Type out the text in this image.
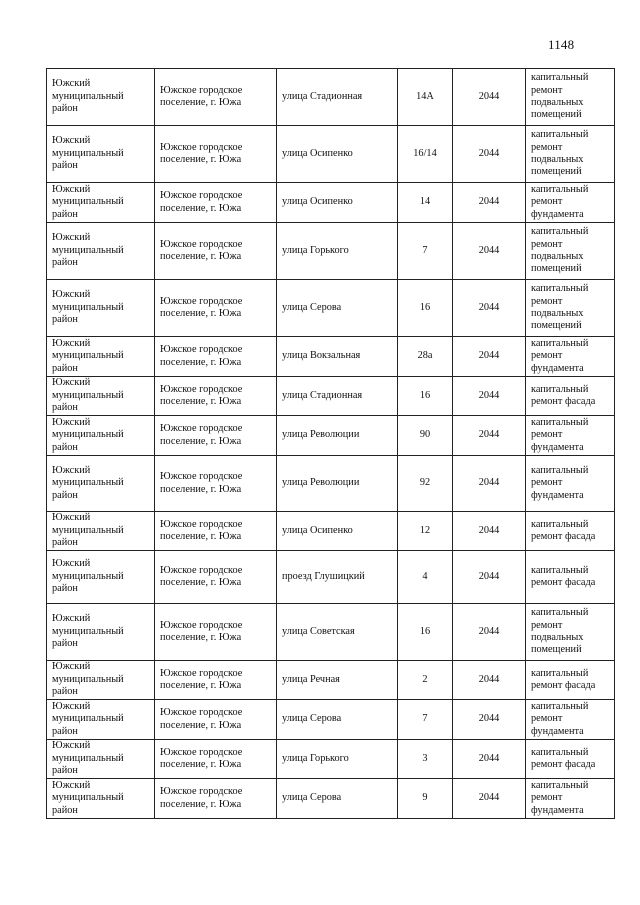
1148
Южский муниципальный район	Южское городское поселение, г. Южа	улица Стадионная	14А	2044	капитальный ремонт подвальных помещений
Южский муниципальный район	Южское городское поселение, г. Южа	улица Осипенко	16/14	2044	капитальный ремонт подвальных помещений
Южский муниципальный район	Южское городское поселение, г. Южа	улица Осипенко	14	2044	капитальный ремонт фундамента
Южский муниципальный район	Южское городское поселение, г. Южа	улица Горького	7	2044	капитальный ремонт подвальных помещений
Южский муниципальный район	Южское городское поселение, г. Южа	улица Серова	16	2044	капитальный ремонт подвальных помещений
Южский муниципальный район	Южское городское поселение, г. Южа	улица Вокзальная	28а	2044	капитальный ремонт фундамента
Южский муниципальный район	Южское городское поселение, г. Южа	улица Стадионная	16	2044	капитальный ремонт фасада
Южский муниципальный район	Южское городское поселение, г. Южа	улица Революции	90	2044	капитальный ремонт фундамента
Южский муниципальный район	Южское городское поселение, г. Южа	улица Революции	92	2044	капитальный ремонт фундамента
Южский муниципальный район	Южское городское поселение, г. Южа	улица Осипенко	12	2044	капитальный ремонт фасада
Южский муниципальный район	Южское городское поселение, г. Южа	проезд Глушицкий	4	2044	капитальный ремонт фасада
Южский муниципальный район	Южское городское поселение, г. Южа	улица Советская	16	2044	капитальный ремонт подвальных помещений
Южский муниципальный район	Южское городское поселение, г. Южа	улица Речная	2	2044	капитальный ремонт фасада
Южский муниципальный район	Южское городское поселение, г. Южа	улица Серова	7	2044	капитальный ремонт фундамента
Южский муниципальный район	Южское городское поселение, г. Южа	улица Горького	3	2044	капитальный ремонт фасада
Южский муниципальный район	Южское городское поселение, г. Южа	улица Серова	9	2044	капитальный ремонт фундамента
